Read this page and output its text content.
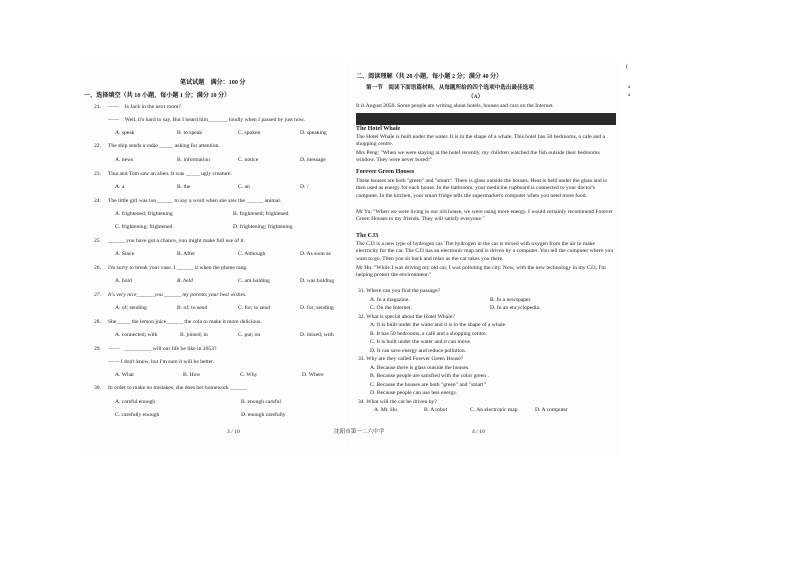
笔试试题　满分：100 分
一、选择填空（共 10 小题，每小题 1 分；满分 10 分）
21. ——　Is Jack in the next room?
——　Well, it's hard to say. But I heard him_______ loudly when I passed by just now.
A. speak	B. to speak	C. spoken	D. speaking
22. The ship sends a radio _____ asking for attention.
A. news	B. information	C. notice	D. message
23. Tina and Tom saw an alien. It was _____ ugly creature.
A. a	B. the	C. an	D. /
24. The little girl was too______ to say a word when she saw the ______ animal.
A. frightened; frightening	B. frightened; frightened
C. frightening; frightened	D. frightening; frightening
25. ______ you have got a chance, you might make full use of it.
A. Since	B. After	C. Although	D. As soon as
26. I'm sorry to break your vase. I ______ it when the phone rang.
A. hold	B. held	C. am holding	D. was holding
27. It's very nice______ you ______ my parents your best wishes.
A. of; sending	B. of; to send	C. for; to send	D. for; sending
28. She_____ the lemon juice______ the cola to make it more delicious.
A. connected; with	B. joined; in	C. put; on	D. mixed; with
29. ——　__________will our life be like in 2053?
—— I don't know, but I'm sure it will be better.
A. What	B. How	C. Why	D. Where
30. In order to make no mistakes, she does her homework ______
A. careful enough	B. enough careful
C. carefully enough	D. enough carefully
3 / 10
二、阅读理解（共 20 小题，每小题 2 分；满分 40 分）
第一节　阅读下面语篇材料，从每题所给的四个选项中选出最佳选项
（A）
It is August 2050. Some people are writing about hotels, houses and cars on the Internet.
The Hotel Whale
The Hotel Whale is built under the water. It is in the shape of a whale. This hotel has 50 bedrooms, a cafe and a shopping centre.
Mrs Peng: "When we were staying at the hotel recently, my children watched the fish outside their bedrooms window. They were never bored!"
Forever Green Houses
These houses are both "green" and "smart". There is glass outside the houses. Heat is held under the glass and is then used as energy for each house. In the bathroom, your medicine cupboard is connected to your doctor's computer. In the kitchen, your smart fridge tells the supermarket's computer when you need more food.
Mr Yu: "When we were living in our old house, we were using more energy. I would certainly recommend Forever Green Houses to my friends. They will satisfy everyone."
The CJ3
The CJ3 is a new type of hydrogen car. The hydrogen in the car is mixed with oxygen from the air to make electricity for the car. The CJ3 has an electronic map and is driven by a computer. You tell the computer where you want to go. Then you sit back and relax as the car takes you there.
Mr Hu: "While I was driving my old car, I was polluting the city. Now, with the new technology in my CJ3, I'm helping protect the environment."
31. Where can you find the passage?
A. In a magazine.	B. In a newspaper.
C. On the Internet.	D. In an encyclopedia.
32. What is special about the Hotel Whale?
A. It is built under the water and it is in the shape of a whale.
B. It has 50 bedrooms, a café and a shopping centre.
C. It is built under the water and it can move.
D. It can save energy and reduce pollution.
33. Why are they called Forever Green House?
A. Because there is glass outside the houses.
B. Because people are satisfied with the color green .
C. Because the houses are both "green" and "smart"
D. Because people can use less energy.
34. What will the car be driven by?
A. Mr. Hu	B. A robot	C. An electronic map	D. A computer
沈阳市第一二六中学	4 / 10
(
a
a
